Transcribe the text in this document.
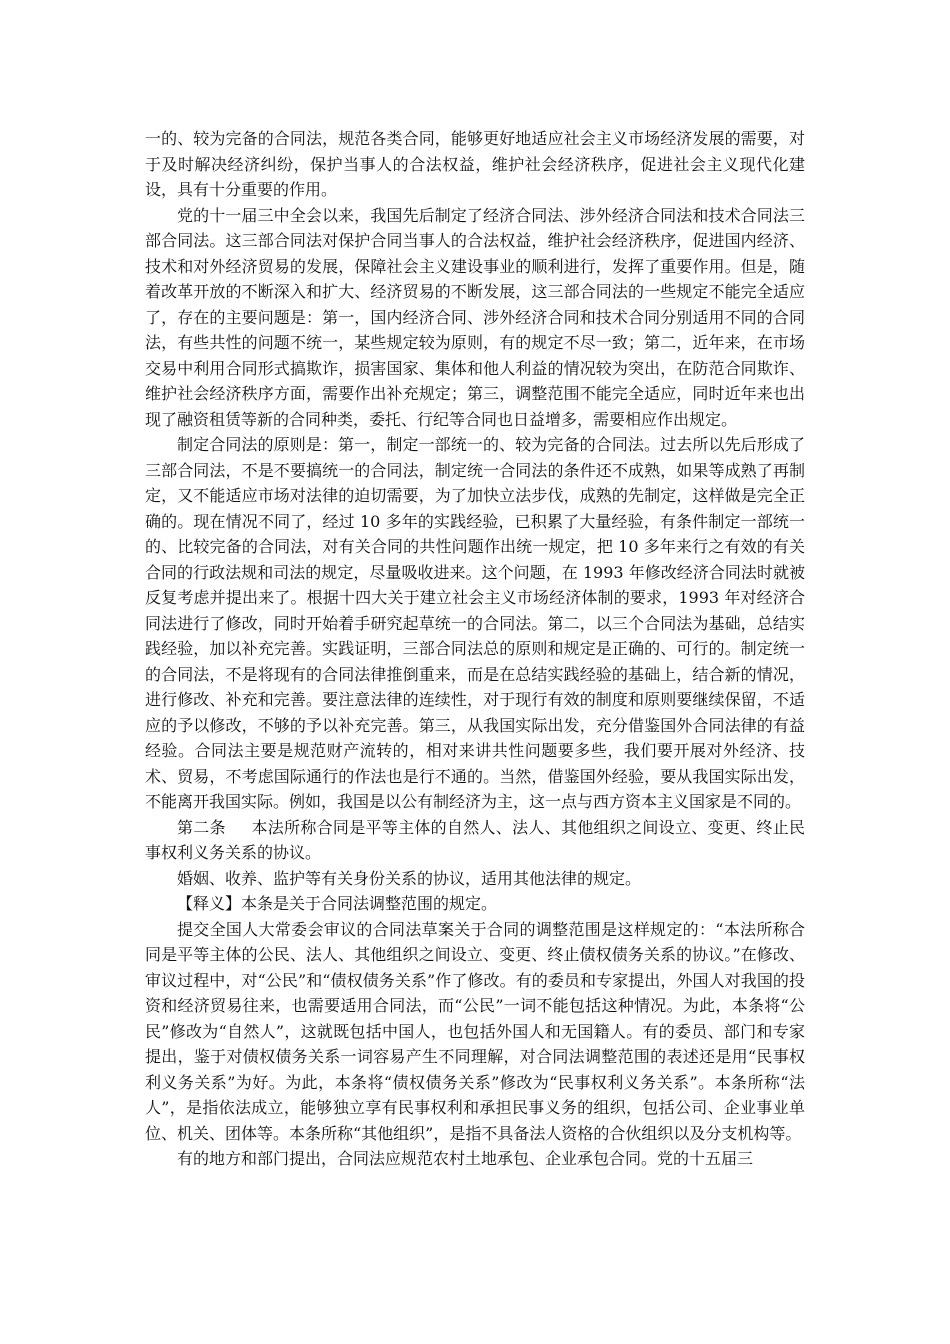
一的、较为完备的合同法，规范各类合同，能够更好地适应社会主义市场经济发展的需要，对于及时解决经济纠纷，保护当事人的合法权益，维护社会经济秩序，促进社会主义现代化建设，具有十分重要的作用。

党的十一届三中全会以来，我国先后制定了经济合同法、涉外经济合同法和技术合同法三部合同法。这三部合同法对保护合同当事人的合法权益，维护社会经济秩序，促进国内经济、技术和对外经济贸易的发展，保障社会主义建设事业的顺利进行，发挥了重要作用。但是，随着改革开放的不断深入和扩大、经济贸易的不断发展，这三部合同法的一些规定不能完全适应了，存在的主要问题是：第一，国内经济合同、涉外经济合同和技术合同分别适用不同的合同法，有些共性的问题不统一，某些规定较为原则，有的规定不尽一致；第二，近年来，在市场交易中利用合同形式搞欺诈，损害国家、集体和他人利益的情况较为突出，在防范合同欺诈、维护社会经济秩序方面，需要作出补充规定；第三，调整范围不能完全适应，同时近年来也出现了融资租赁等新的合同种类，委托、行纪等合同也日益增多，需要相应作出规定。

制定合同法的原则是：第一，制定一部统一的、较为完备的合同法。过去所以先后形成了三部合同法，不是不要搞统一的合同法，制定统一合同法的条件还不成熟，如果等成熟了再制定，又不能适应市场对法律的迫切需要，为了加快立法步伐，成熟的先制定，这样做是完全正确的。现在情况不同了，经过 10 多年的实践经验，已积累了大量经验，有条件制定一部统一的、比较完备的合同法，对有关合同的共性问题作出统一规定，把 10 多年来行之有效的有关合同的行政法规和司法的规定，尽量吸收进来。这个问题，在 1993 年修改经济合同法时就被反复考虑并提出来了。根据十四大关于建立社会主义市场经济体制的要求，1993 年对经济合同法进行了修改，同时开始着手研究起草统一的合同法。第二，以三个合同法为基础，总结实践经验，加以补充完善。实践证明，三部合同法总的原则和规定是正确的、可行的。制定统一的合同法，不是将现有的合同法律推倒重来，而是在总结实践经验的基础上，结合新的情况，进行修改、补充和完善。要注意法律的连续性，对于现行有效的制度和原则要继续保留，不适应的予以修改，不够的予以补充完善。第三，从我国实际出发，充分借鉴国外合同法律的有益经验。合同法主要是规范财产流转的，相对来讲共性问题要多些，我们要开展对外经济、技术、贸易，不考虑国际通行的作法也是行不通的。当然，借鉴国外经验，要从我国实际出发，不能离开我国实际。例如，我国是以公有制经济为主，这一点与西方资本主义国家是不同的。

第二条 本法所称合同是平等主体的自然人、法人、其他组织之间设立、变更、终止民事权利义务关系的协议。

婚姻、收养、监护等有关身份关系的协议，适用其他法律的规定。

【释义】本条是关于合同法调整范围的规定。

提交全国人大常委会审议的合同法草案关于合同的调整范围是这样规定的：“本法所称合同是平等主体的公民、法人、其他组织之间设立、变更、终止债权债务关系的协议。”在修改、审议过程中，对“公民”和“债权债务关系”作了修改。有的委员和专家提出，外国人对我国的投资和经济贸易往来，也需要适用合同法，而“公民”一词不能包括这种情况。为此，本条将“公民”修改为“自然人”，这就既包括中国人，也包括外国人和无国籍人。有的委员、部门和专家提出，鉴于对债权债务关系一词容易产生不同理解，对合同法调整范围的表述还是用“民事权利义务关系”为好。为此，本条将“债权债务关系”修改为“民事权利义务关系”。本条所称“法人”，是指依法成立，能够独立享有民事权利和承担民事义务的组织，包括公司、企业事业单位、机关、团体等。本条所称“其他组织”，是指不具备法人资格的合伙组织以及分支机构等。

有的地方和部门提出，合同法应规范农村土地承包、企业承包合同。党的十五届三
